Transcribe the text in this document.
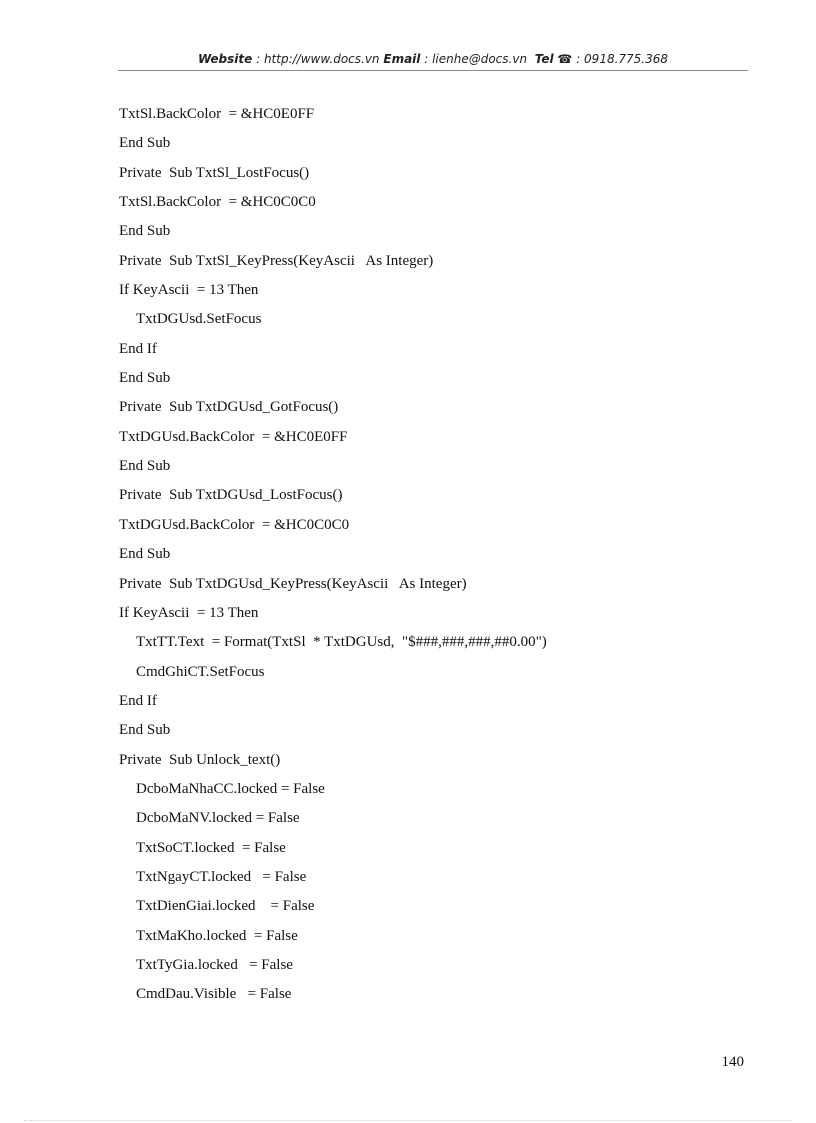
Website : http://www.docs.vn Email : lienhe@docs.vn Tel ☎ : 0918.775.368
TxtSl.BackColor  = &HC0E0FF
End Sub
Private  Sub TxtSl_LostFocus()
TxtSl.BackColor  = &HC0C0C0
End Sub
Private  Sub TxtSl_KeyPress(KeyAscii   As Integer)
If KeyAscii  = 13 Then
TxtDGUsd.SetFocus
End If
End Sub
Private  Sub TxtDGUsd_GotFocus()
TxtDGUsd.BackColor  = &HC0E0FF
End Sub
Private  Sub TxtDGUsd_LostFocus()
TxtDGUsd.BackColor  = &HC0C0C0
End Sub
Private  Sub TxtDGUsd_KeyPress(KeyAscii   As Integer)
If KeyAscii  = 13 Then
TxtTT.Text  = Format(TxtSl  * TxtDGUsd,  "$###,###,###,##0.00")
CmdGhiCT.SetFocus
End If
End Sub
Private  Sub Unlock_text()
DcboMaNhaCC.locked = False
DcboMaNV.locked = False
TxtSoCT.locked  = False
TxtNgayCT.locked   = False
TxtDienGiai.locked    = False
TxtMaKho.locked  = False
TxtTyGia.locked   = False
CmdDau.Visible   = False
140
